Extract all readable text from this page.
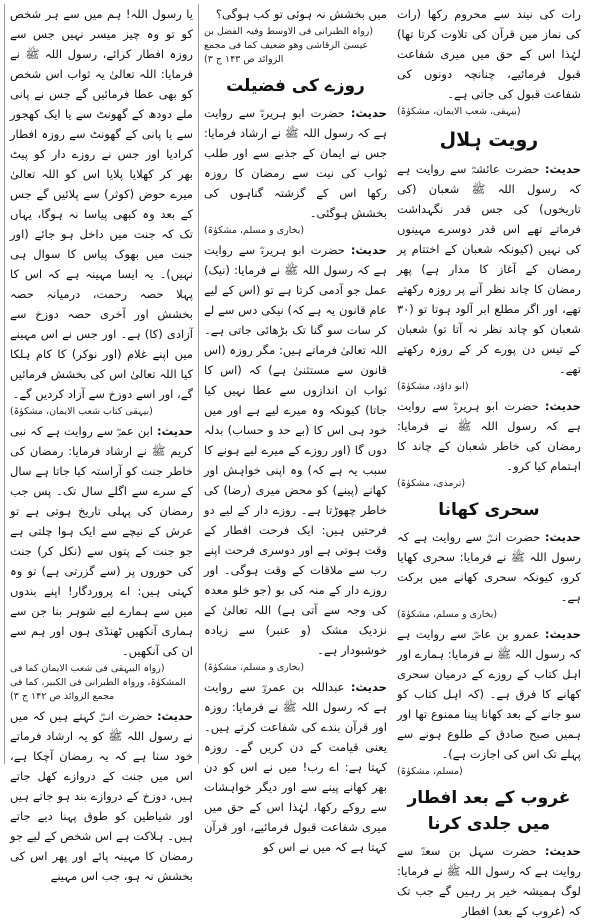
یا رسول اللہ! ہم میں سے ہر شخص کو تو وہ چیز میسر نہیں جس سے روزہ افطار کرائے، رسول اللہ ﷺ نے فرمایا: اللہ تعالیٰ یہ ثواب اس شخص کو بھی عطا فرمائیں گے جس نے پانی ملے دودھ کے گھونٹ سے یا ایک کھجور سے یا پانی کے گھونٹ سے روزہ افطار کرادیا اور جس نے روزے دار کو پیٹ بھر کر کھلایا پلایا اس کو اللہ تعالیٰ میرے حوض (کوثر) سے پلائیں گے جس کے بعد وہ کبھی پیاسا نہ ہوگا، یہاں تک کہ جنت میں داخل ہو جائے (اور جنت میں بھوک پیاس کا سوال ہی نہیں)۔ یہ ایسا مہینہ ہے کہ اس کا پہلا حصہ رحمت، درمیانہ حصہ بخشش اور آخری حصہ دوزخ سے آزادی (کا) ہے۔ اور جس نے اس مہینے میں اپنے غلام (اور نوکر) کا کام ہلکا کیا اللہ تعالیٰ اس کی بخشش فرمائیں گے، اور اسے دوزخ سے آزاد کردیں گے۔

(بیہقی کتاب شعب الایمان، مشکوٰۃ)

حدیث: ابن عمرؓ سے روایت ہے کہ نبی کریم ﷺ نے ارشاد فرمایا: رمضان کی خاطر جنت کو آراستہ کیا جاتا ہے سال کے سرے سے اگلے سال تک۔ پس جب رمضان کی پہلی تاریخ ہوتی ہے تو عرش کے نیچے سے ایک ہوا چلتی ہے جو جنت کے پتوں سے (نکل کر) جنت کی حوروں پر (سے گزرتی ہے) تو وہ کہتی ہیں: اے پروردگار! اپنے بندوں میں سے ہمارے لیے شوہر بنا جن سے ہماری آنکھیں ٹھنڈی ہوں اور ہم سے ان کی آنکھیں۔

(رواہ البیہقی فی شعب الایمان کما فی المشکوٰۃ، ورواہ الطبرانی فی الکبیر، کما فی مجمع الزوائد ص ۱۴۲ ج ۳)

حدیث: حضرت انسؓ کہتے ہیں کہ میں نے رسول اللہ ﷺ کو یہ ارشاد فرماتے خود سنا ہے کہ یہ رمضان آچکا ہے، اس میں جنت کے دروازے کھل جاتے ہیں، دوزخ کے دروازے بند ہو جاتے ہیں اور شیاطین کو طوق پہنا دیے جاتے ہیں۔ ہلاکت ہے اس شخص کے لیے جو رمضان کا مہینہ پائے اور پھر اس کی بخشش نہ ہو، جب اس مہینے

میں بخشش نہ ہوئی تو کب ہوگی؟

(رواہ الطبرانی فی الاوسط وفیہ الفضل بن عیسیٰ الرقاشی وھو ضعیف کما فی مجمع الزوائد ص ۱۴۳ ج ۳)
روزے کی فضیلت

حدیث: حضرت ابو ہریرہؓ سے روایت ہے کہ رسول اللہ ﷺ نے ارشاد فرمایا: جس نے ایمان کے جذبے سے اور طلب ثواب کی نیت سے رمضان کا روزہ رکھا اس کے گزشتہ گناہوں کی بخشش ہوگئی۔

(بخاری و مسلم، مشکوٰۃ)

حدیث: حضرت ابو ہریرہؓ سے روایت ہے کہ رسول اللہ ﷺ نے فرمایا: (نیک) عمل جو آدمی کرتا ہے تو (اس کے لیے عام قانون یہ ہے کہ) نیکی دس سے لے کر سات سو گنا تک بڑھائی جاتی ہے۔ اللہ تعالیٰ فرماتے ہیں: مگر روزہ (اس قانون سے مستثنیٰ ہے) کہ (اس کا ثواب ان اندازوں سے عطا نہیں کیا جاتا) کیونکہ وہ میرے لیے ہے اور میں خود ہی اس کا (بے حد و حساب) بدلہ دوں گا (اور روزے کے میرے لیے ہونے کا سبب یہ ہے کہ) وہ اپنی خواہش اور کھانے (پینے) کو محض میری (رضا) کی خاطر چھوڑتا ہے۔ روزے دار کے لیے دو فرحتیں ہیں: ایک فرحت افطار کے وقت ہوتی ہے اور دوسری فرحت اپنے رب سے ملاقات کے وقت ہوگی۔ اور روزے دار کے منہ کی بو (جو خلو معدہ کی وجہ سے آتی ہے) اللہ تعالیٰ کے نزدیک مشک (و عنبر) سے زیادہ خوشبودار ہے۔

(بخاری و مسلم، مشکوٰۃ)

حدیث: عبداللہ بن عمروؓ سے روایت ہے کہ رسول اللہ ﷺ نے فرمایا: روزہ اور قرآن بندے کی شفاعت کرتے ہیں۔ یعنی قیامت کے دن کریں گے۔ روزہ کہتا ہے: اے رب! میں نے اس کو دن بھر کھانے پینے سے اور دیگر خواہشات سے روکے رکھا، لہٰذا اس کے حق میں میری شفاعت قبول فرمائیے، اور قرآن کہتا ہے کہ میں نے اس کو

رات کی نیند سے محروم رکھا (رات کی نماز میں قرآن کی تلاوت کرتا تھا) لہٰذا اس کے حق میں میری شفاعت قبول فرمائیے، چنانچہ دونوں کی شفاعت قبول کی جاتی ہے۔

(بیہقی، شعب الایمان، مشکوٰۃ)
رویت ہلال

حدیث: حضرت عائشہؓ سے روایت ہے کہ رسول اللہ ﷺ شعبان (کی تاریخوں) کی جس قدر نگہداشت فرماتے تھے اس قدر دوسرے مہینوں کی نہیں (کیونکہ شعبان کے اختتام پر رمضان کے آغاز کا مدار ہے) پھر رمضان کا چاند نظر آنے پر روزہ رکھتے تھے، اور اگر مطلع ابر آلود ہوتا تو (۳۰ شعبان کو چاند نظر نہ آتا تو) شعبان کے تیس دن پورے کر کے روزہ رکھتے تھے۔

(ابو داؤد، مشکوٰۃ)

حدیث: حضرت ابو ہریرہؓ سے روایت ہے کہ رسول اللہ ﷺ نے فرمایا: رمضان کی خاطر شعبان کے چاند کا اہتمام کیا کرو۔

(ترمذی، مشکوٰۃ)
سحری کھانا

حدیث: حضرت انسؓ سے روایت ہے کہ رسول اللہ ﷺ نے فرمایا: سحری کھایا کرو، کیونکہ سحری کھانے میں برکت ہے۔

(بخاری و مسلم، مشکوٰۃ)

حدیث: عمرو بن عاصؓ سے روایت ہے کہ رسول اللہ ﷺ نے فرمایا: ہمارے اور اہل کتاب کے روزے کے درمیان سحری کھانے کا فرق ہے۔ (کہ اہل کتاب کو سو جانے کے بعد کھانا پینا ممنوع تھا اور ہمیں صبح صادق کے طلوع ہونے سے پہلے تک اس کی اجازت ہے)۔

(مسلم، مشکوٰۃ)
غروب کے بعد افطار میں جلدی کرنا

حدیث: حضرت سہل بن سعدؓ سے روایت ہے کہ رسول اللہ ﷺ نے فرمایا: لوگ ہمیشہ خیر پر رہیں گے جب تک کہ (غروب کے بعد) افطار
